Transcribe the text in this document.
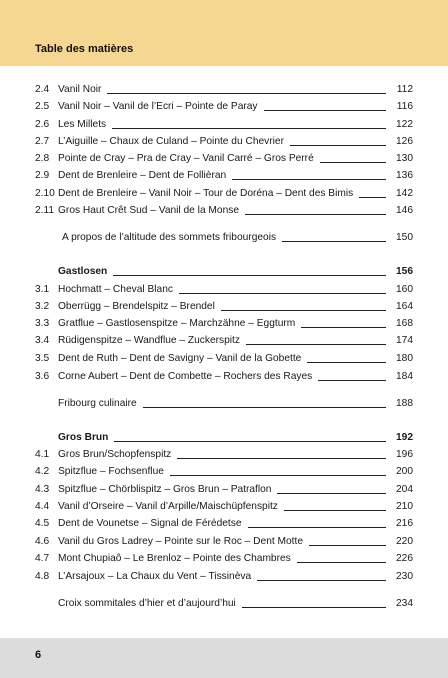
Table des matières
2.4 Vanil Noir	112
2.5 Vanil Noir – Vanil de l’Ecri – Pointe de Paray	116
2.6 Les Millets	122
2.7 L’Aiguille – Chaux de Culand – Pointe du Chevrier	126
2.8 Pointe de Cray – Pra de Cray – Vanil Carré – Gros Perré	130
2.9 Dent de Brenleire – Dent de Follièran	136
2.10 Dent de Brenleire – Vanil Noir – Tour de Doréna – Dent des Bimis	142
2.11 Gros Haut Crêt Sud – Vanil de la Monse	146
A propos de l’altitude des sommets fribourgeois	150
Gastlosen	156
3.1 Hochmatt – Cheval Blanc	160
3.2 Oberrügg – Brendelspitz – Brendel	164
3.3 Gratflue – Gastlosenspitze – Marchzähne – Eggturm	168
3.4 Rüdigenspitze – Wandflue – Zuckerspitz	174
3.5 Dent de Ruth – Dent de Savigny – Vanil de la Gobette	180
3.6 Corne Aubert – Dent de Combette – Rochers des Rayes	184
Fribourg culinaire	188
Gros Brun	192
4.1 Gros Brun/Schopfenspitz	196
4.2 Spitzflue – Fochsenflue	200
4.3 Spitzflue – Chörblispitz – Gros Brun – Patraflon	204
4.4 Vanil d’Orseire – Vanil d’Arpille/Maischüpfenspitz	210
4.5 Dent de Vounetse – Signal de Férédetse	216
4.6 Vanil du Gros Ladrey – Pointe sur le Roc – Dent Motte	220
4.7 Mont Chupiaô – Le Brenloz – Pointe des Chambres	226
4.8 L’Arsajoux – La Chaux du Vent – Tissinèva	230
Croix sommitales d’hier et d’aujourd’hui	234
6
